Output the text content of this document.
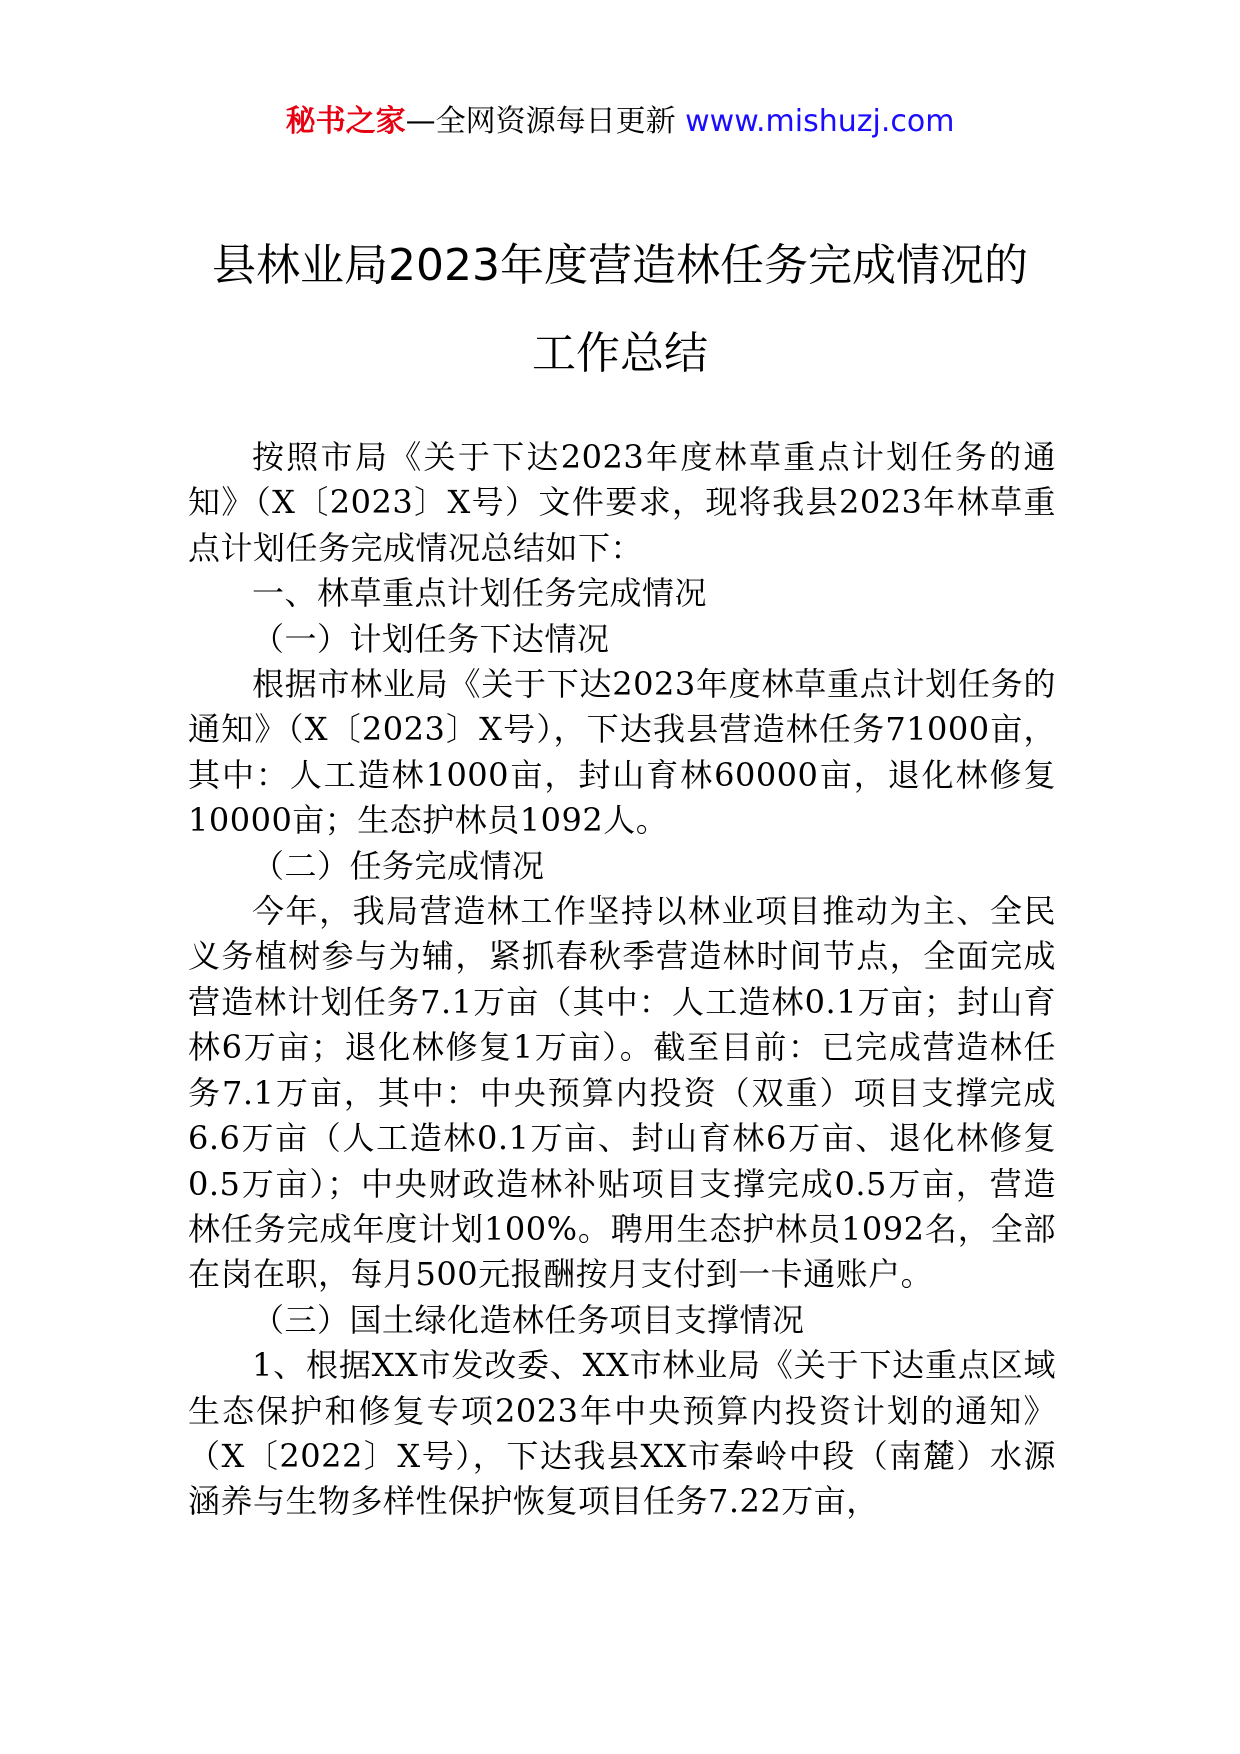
秘书之家—全网资源每日更新 www.mishuzj.com
县林业局2023年度营造林任务完成情况的
工作总结

按照市局《关于下达2023年度林草重点计划任务的通知》（X〔2023〕X号）文件要求，现将我县2023年林草重点计划任务完成情况总结如下：

一、林草重点计划任务完成情况

（一）计划任务下达情况

根据市林业局《关于下达2023年度林草重点计划任务的通知》（X〔2023〕X号），下达我县营造林任务71000亩，其中：人工造林1000亩，封山育林60000亩，退化林修复10000亩；生态护林员1092人。

（二）任务完成情况

今年，我局营造林工作坚持以林业项目推动为主、全民义务植树参与为辅，紧抓春秋季营造林时间节点，全面完成营造林计划任务7.1万亩（其中：人工造林0.1万亩；封山育林6万亩；退化林修复1万亩）。截至目前：已完成营造林任务7.1万亩，其中：中央预算内投资（双重）项目支撑完成6.6万亩（人工造林0.1万亩、封山育林6万亩、退化林修复0.5万亩）；中央财政造林补贴项目支撑完成0.5万亩，营造林任务完成年度计划100%。聘用生态护林员1092名，全部在岗在职，每月500元报酬按月支付到一卡通账户。

（三）国土绿化造林任务项目支撑情况

1、根据XX市发改委、XX市林业局《关于下达重点区域生态保护和修复专项2023年中央预算内投资计划的通知》（X〔2022〕X号），下达我县XX市秦岭中段（南麓）水源涵养与生物多样性保护恢复项目任务7.22万亩，
